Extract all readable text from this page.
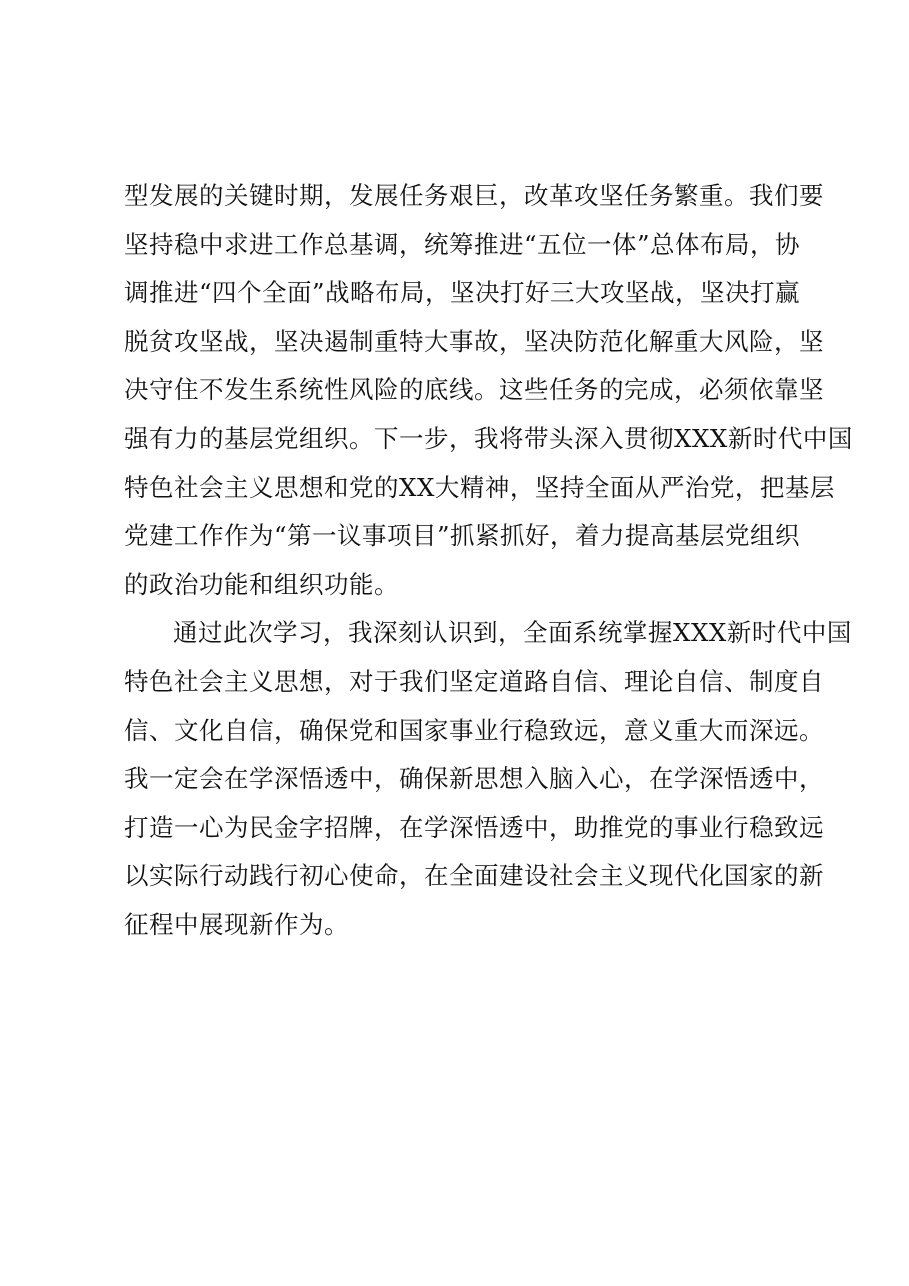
型发展的关键时期，发展任务艰巨，改革攻坚任务繁重。我们要
坚持稳中求进工作总基调，统筹推进“五位一体”总体布局，协
调推进“四个全面”战略布局，坚决打好三大攻坚战，坚决打赢
脱贫攻坚战，坚决遏制重特大事故，坚决防范化解重大风险，坚
决守住不发生系统性风险的底线。这些任务的完成，必须依靠坚
强有力的基层党组织。下一步，我将带头深入贯彻XXX新时代中国
特色社会主义思想和党的XX大精神，坚持全面从严治党，把基层
党建工作作为“第一议事项目”抓紧抓好，着力提高基层党组织
的政治功能和组织功能。
通过此次学习，我深刻认识到，全面系统掌握XXX新时代中国
特色社会主义思想，对于我们坚定道路自信、理论自信、制度自
信、文化自信，确保党和国家事业行稳致远，意义重大而深远。
我一定会在学深悟透中，确保新思想入脑入心，在学深悟透中，
打造一心为民金字招牌，在学深悟透中，助推党的事业行稳致远
以实际行动践行初心使命，在全面建设社会主义现代化国家的新
征程中展现新作为。
